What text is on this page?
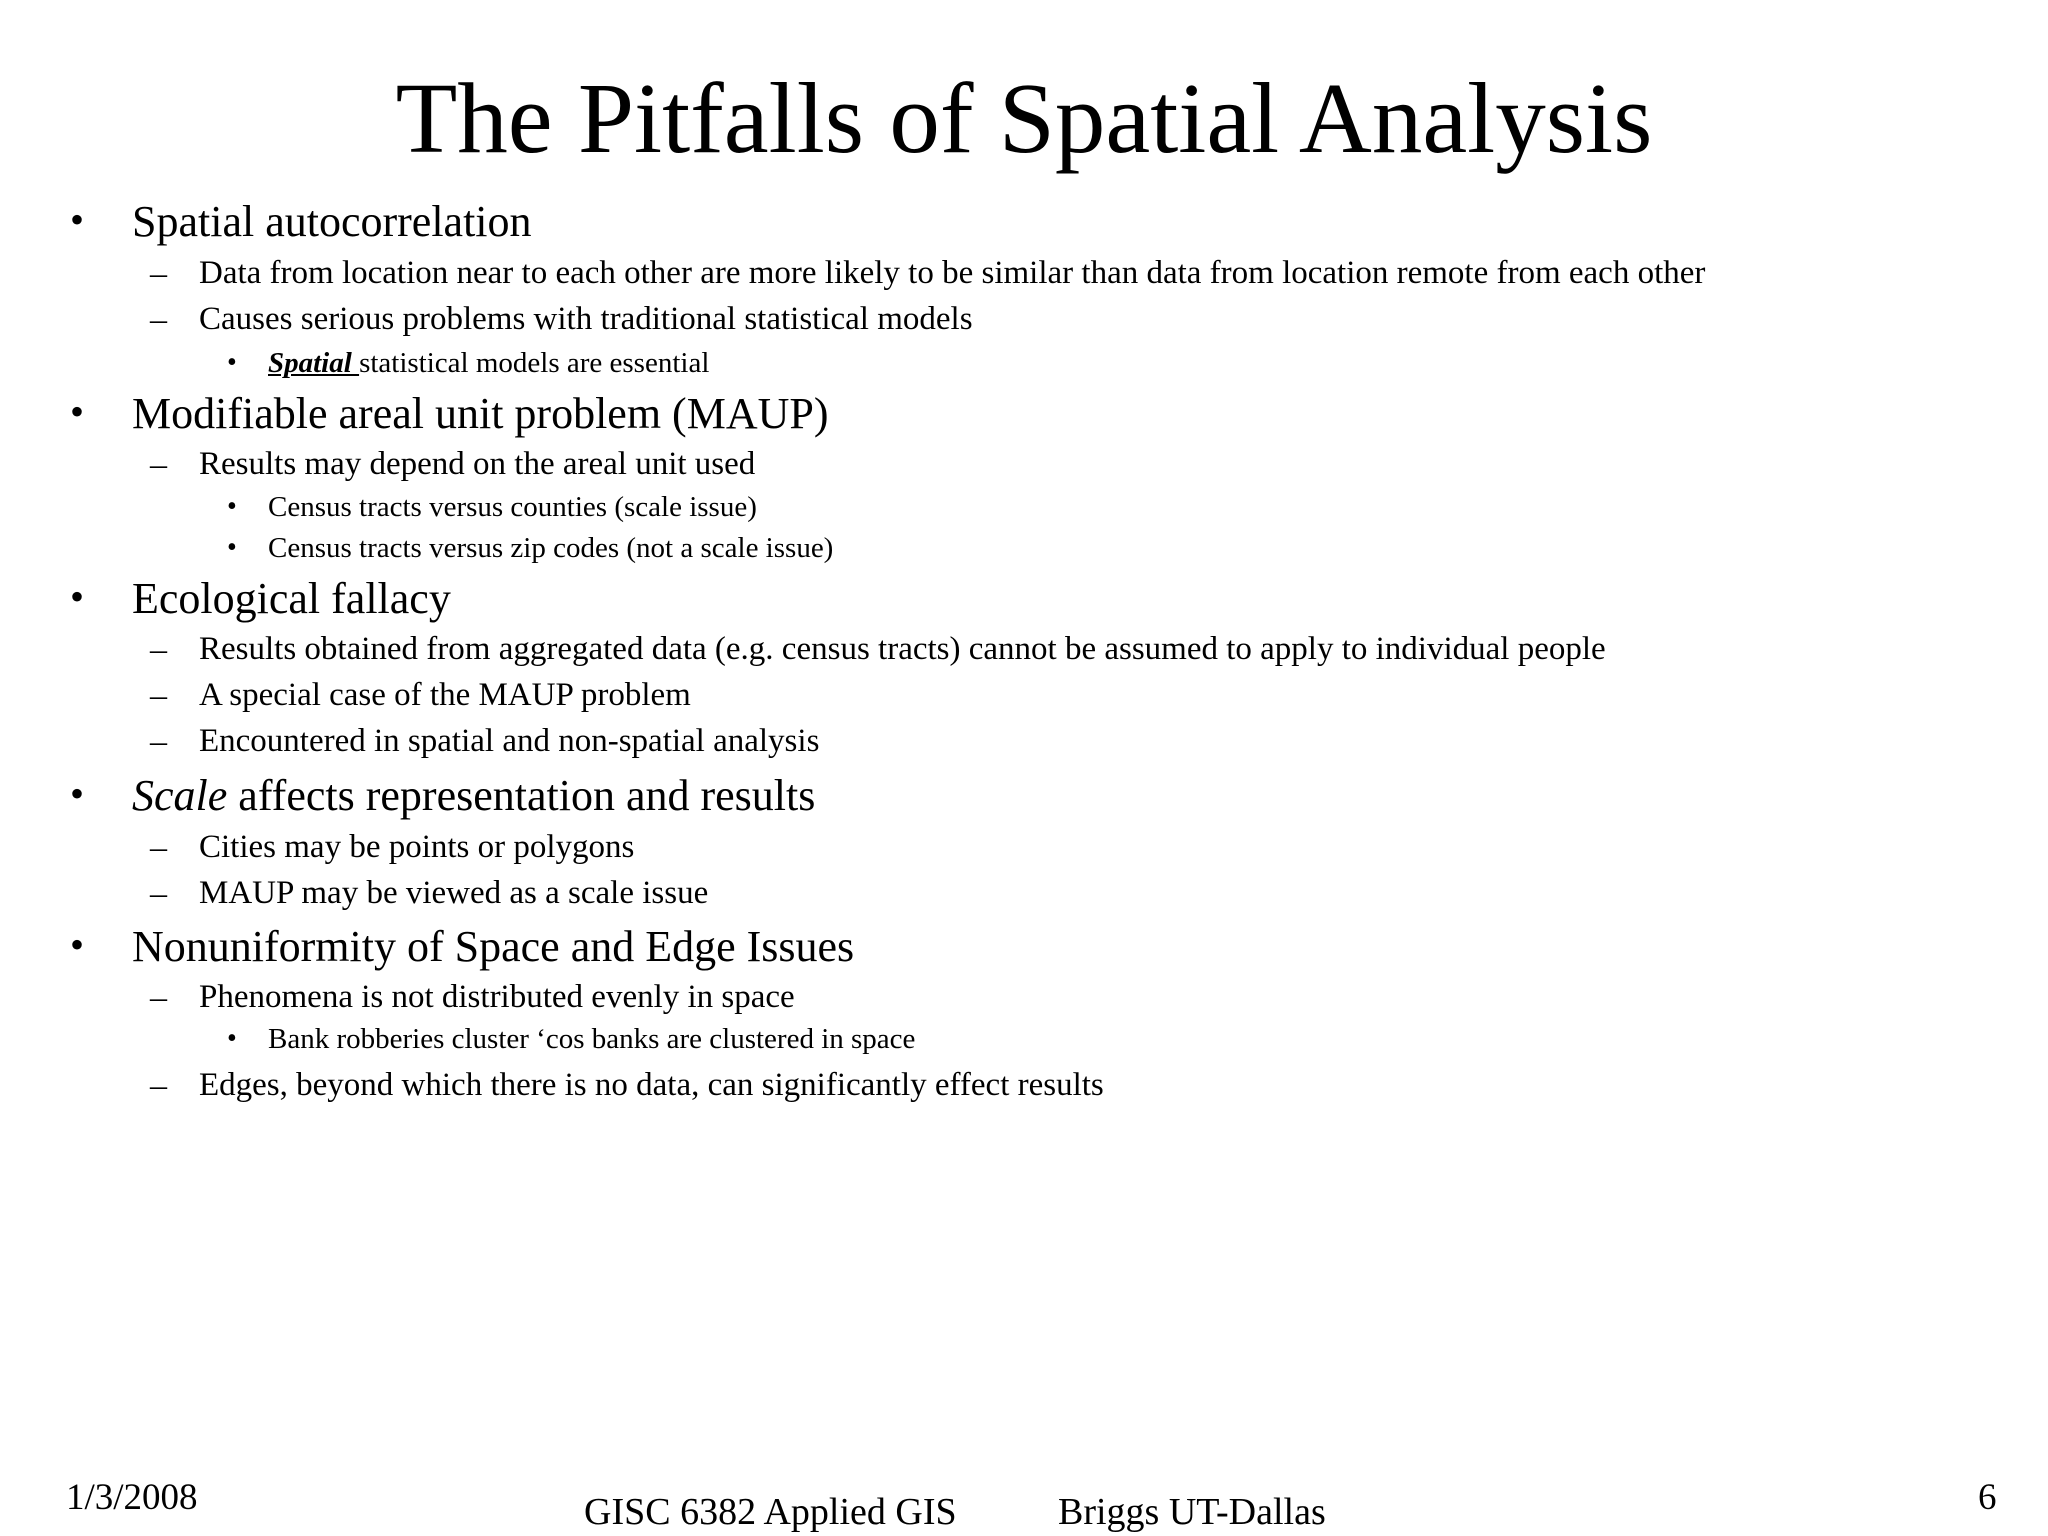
The Pitfalls of Spatial Analysis
• Spatial autocorrelation
– Data from location near to each other are more likely to be similar than data from location remote from each other
– Causes serious problems with traditional statistical models
• Spatial statistical models are essential
• Modifiable areal unit problem (MAUP)
– Results may depend on the areal unit used
• Census tracts versus counties (scale issue)
• Census tracts versus zip codes (not a scale issue)
• Ecological fallacy
– Results obtained from aggregated data (e.g. census tracts) cannot be assumed to apply to individual people
– A special case of the MAUP problem
– Encountered in spatial and non-spatial analysis
• Scale affects representation and results
– Cities may be points or polygons
– MAUP may be viewed as a scale issue
• Nonuniformity of Space and Edge Issues
– Phenomena is not distributed evenly in space
• Bank robberies cluster ‘cos banks are clustered in space
– Edges, beyond which there is no data, can significantly effect results
1/3/2008	GISC 6382 Applied GIS	Briggs UT-Dallas	6
